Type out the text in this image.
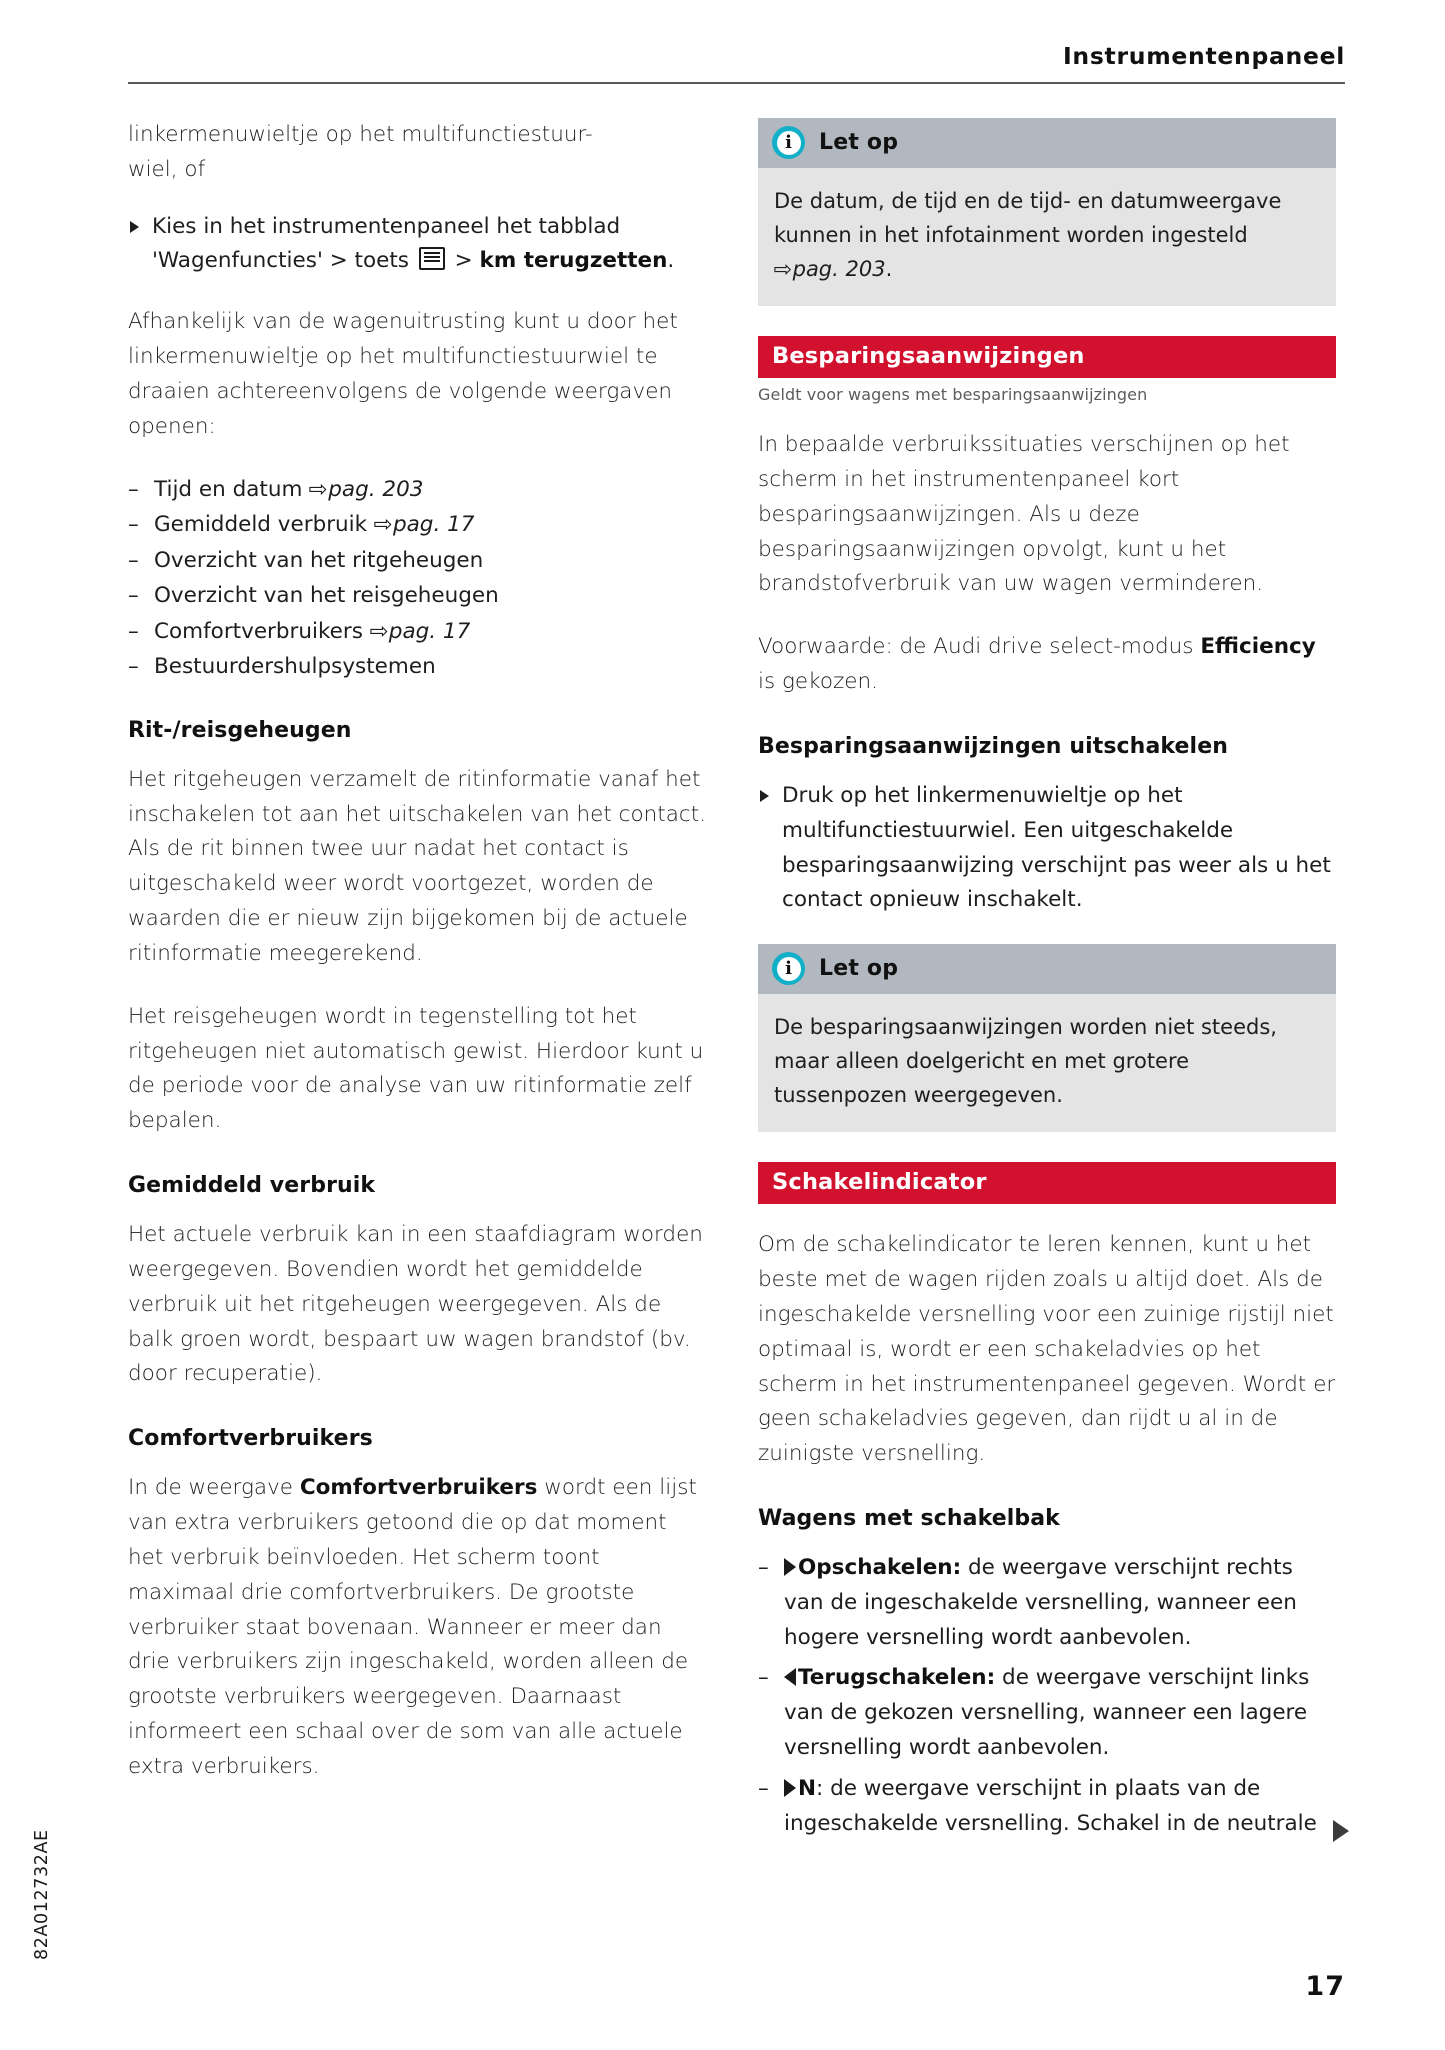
Instrumentenpaneel

linkermenuwieltje op het multifunctiestuur-
wiel, of

Kies in het instrumentenpaneel het tabblad 'Wagenfuncties' > toets  > km terugzetten.

Afhankelijk van de wagenuitrusting kunt u door het linkermenuwieltje op het multifunctiestuurwiel te draaien achtereenvolgens de volgende weergaven openen:

– Tijd en datum ⇨pag. 203
– Gemiddeld verbruik ⇨pag. 17
– Overzicht van het ritgeheugen
– Overzicht van het reisgeheugen
– Comfortverbruikers ⇨pag. 17
– Bestuurdershulpsystemen
Rit-/reisgeheugen

Het ritgeheugen verzamelt de ritinformatie vanaf het inschakelen tot aan het uitschakelen van het contact. Als de rit binnen twee uur nadat het contact is uitgeschakeld weer wordt voortgezet, worden de waarden die er nieuw zijn bijgekomen bij de actuele ritinformatie meegerekend.

Het reisgeheugen wordt in tegenstelling tot het ritgeheugen niet automatisch gewist. Hierdoor kunt u de periode voor de analyse van uw ritinformatie zelf bepalen.

Gemiddeld verbruik

Het actuele verbruik kan in een staafdiagram worden weergegeven. Bovendien wordt het gemiddelde verbruik uit het ritgeheugen weergegeven. Als de balk groen wordt, bespaart uw wagen brandstof (bv. door recuperatie).

Comfortverbruikers

In de weergave Comfortverbruikers wordt een lijst van extra verbruikers getoond die op dat moment het verbruik beïnvloeden. Het scherm toont maximaal drie comfortverbruikers. De grootste verbruiker staat bovenaan. Wanneer er meer dan drie verbruikers zijn ingeschakeld, worden alleen de grootste verbruikers weergegeven. Daarnaast informeert een schaal over de som van alle actuele extra verbruikers.

i	Let op

De datum, de tijd en de tijd- en datumweergave kunnen in het infotainment worden ingesteld ⇨pag. 203.

Besparingsaanwijzingen
Geldt voor wagens met besparingsaanwijzingen

In bepaalde verbruikssituaties verschijnen op het scherm in het instrumentenpaneel kort besparingsaanwijzingen. Als u deze besparingsaanwijzingen opvolgt, kunt u het brandstofverbruik van uw wagen verminderen.

Voorwaarde: de Audi drive select-modus Efficiency is gekozen.

Besparingsaanwijzingen uitschakelen
Druk op het linkermenuwieltje op het multifunctiestuurwiel. Een uitgeschakelde besparingsaanwijzing verschijnt pas weer als u het contact opnieuw inschakelt.
i	Let op

De besparingsaanwijzingen worden niet steeds, maar alleen doelgericht en met grotere tussenpozen weergegeven.

Schakelindicator

Om de schakelindicator te leren kennen, kunt u het beste met de wagen rijden zoals u altijd doet. Als de ingeschakelde versnelling voor een zuinige rijstijl niet optimaal is, wordt er een schakeladvies op het scherm in het instrumentenpaneel gegeven. Wordt er geen schakeladvies gegeven, dan rijdt u al in de zuinigste versnelling.

Wagens met schakelbak
– Opschakelen: de weergave verschijnt rechts van de ingeschakelde versnelling, wanneer een hogere versnelling wordt aanbevolen.
– Terugschakelen: de weergave verschijnt links van de gekozen versnelling, wanneer een lagere versnelling wordt aanbevolen.
– N: de weergave verschijnt in plaats van de ingeschakelde versnelling. Schakel in de neutrale
17
82A012732AE
